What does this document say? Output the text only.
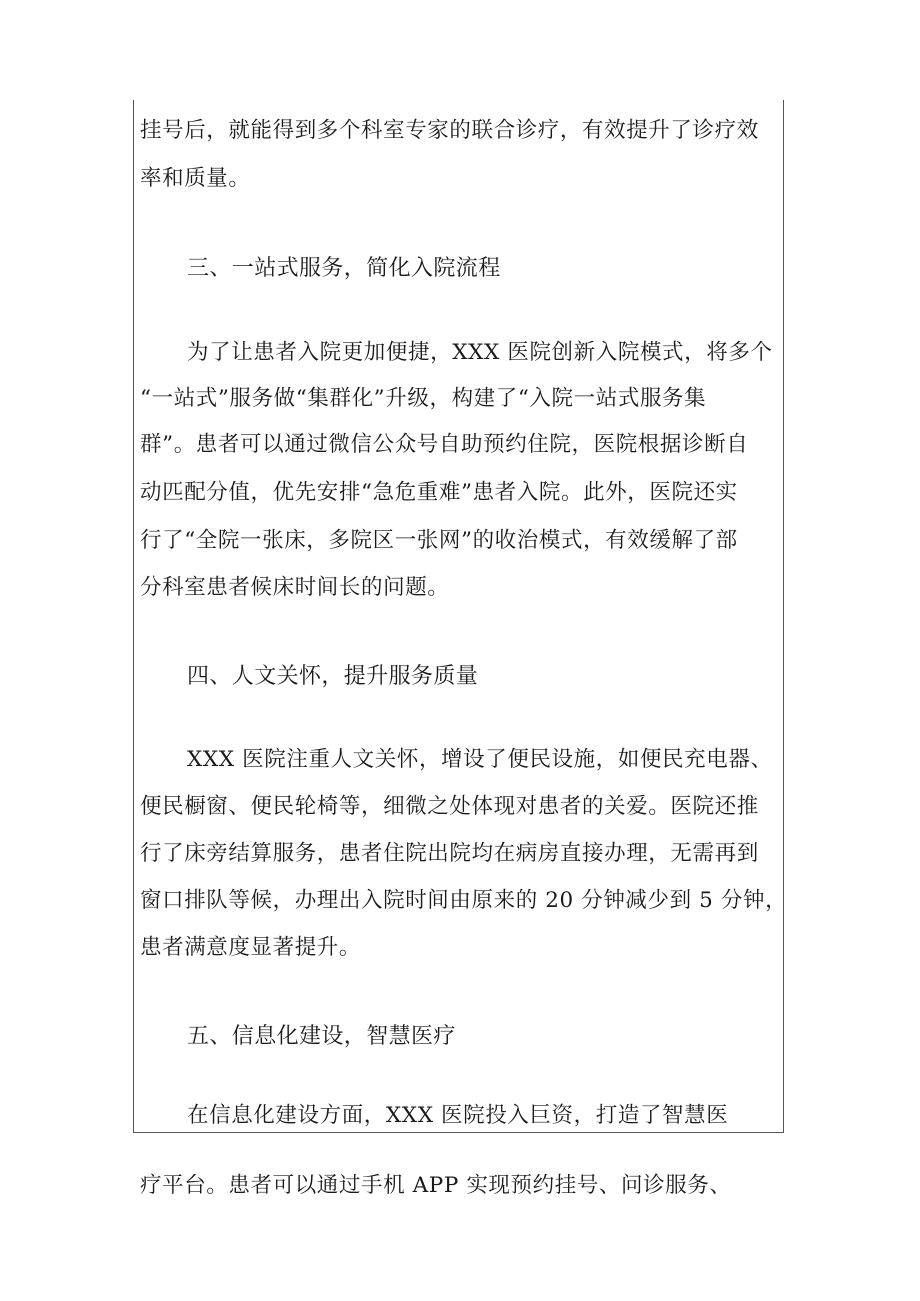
挂号后，就能得到多个科室专家的联合诊疗，有效提升了诊疗效
率和质量。
三、一站式服务，简化入院流程
为了让患者入院更加便捷，XXX 医院创新入院模式，将多个
“一站式”服务做“集群化”升级，构建了“入院一站式服务集
群”。患者可以通过微信公众号自助预约住院，医院根据诊断自
动匹配分值，优先安排“急危重难”患者入院。此外，医院还实
行了“全院一张床，多院区一张网”的收治模式，有效缓解了部
分科室患者候床时间长的问题。
四、人文关怀，提升服务质量
XXX 医院注重人文关怀，增设了便民设施，如便民充电器、
便民橱窗、便民轮椅等，细微之处体现对患者的关爱。医院还推
行了床旁结算服务，患者住院出院均在病房直接办理，无需再到
窗口排队等候，办理出入院时间由原来的 20 分钟减少到 5 分钟，
患者满意度显著提升。
五、信息化建设，智慧医疗
在信息化建设方面，XXX 医院投入巨资，打造了智慧医
疗平台。患者可以通过手机 APP 实现预约挂号、问诊服务、
